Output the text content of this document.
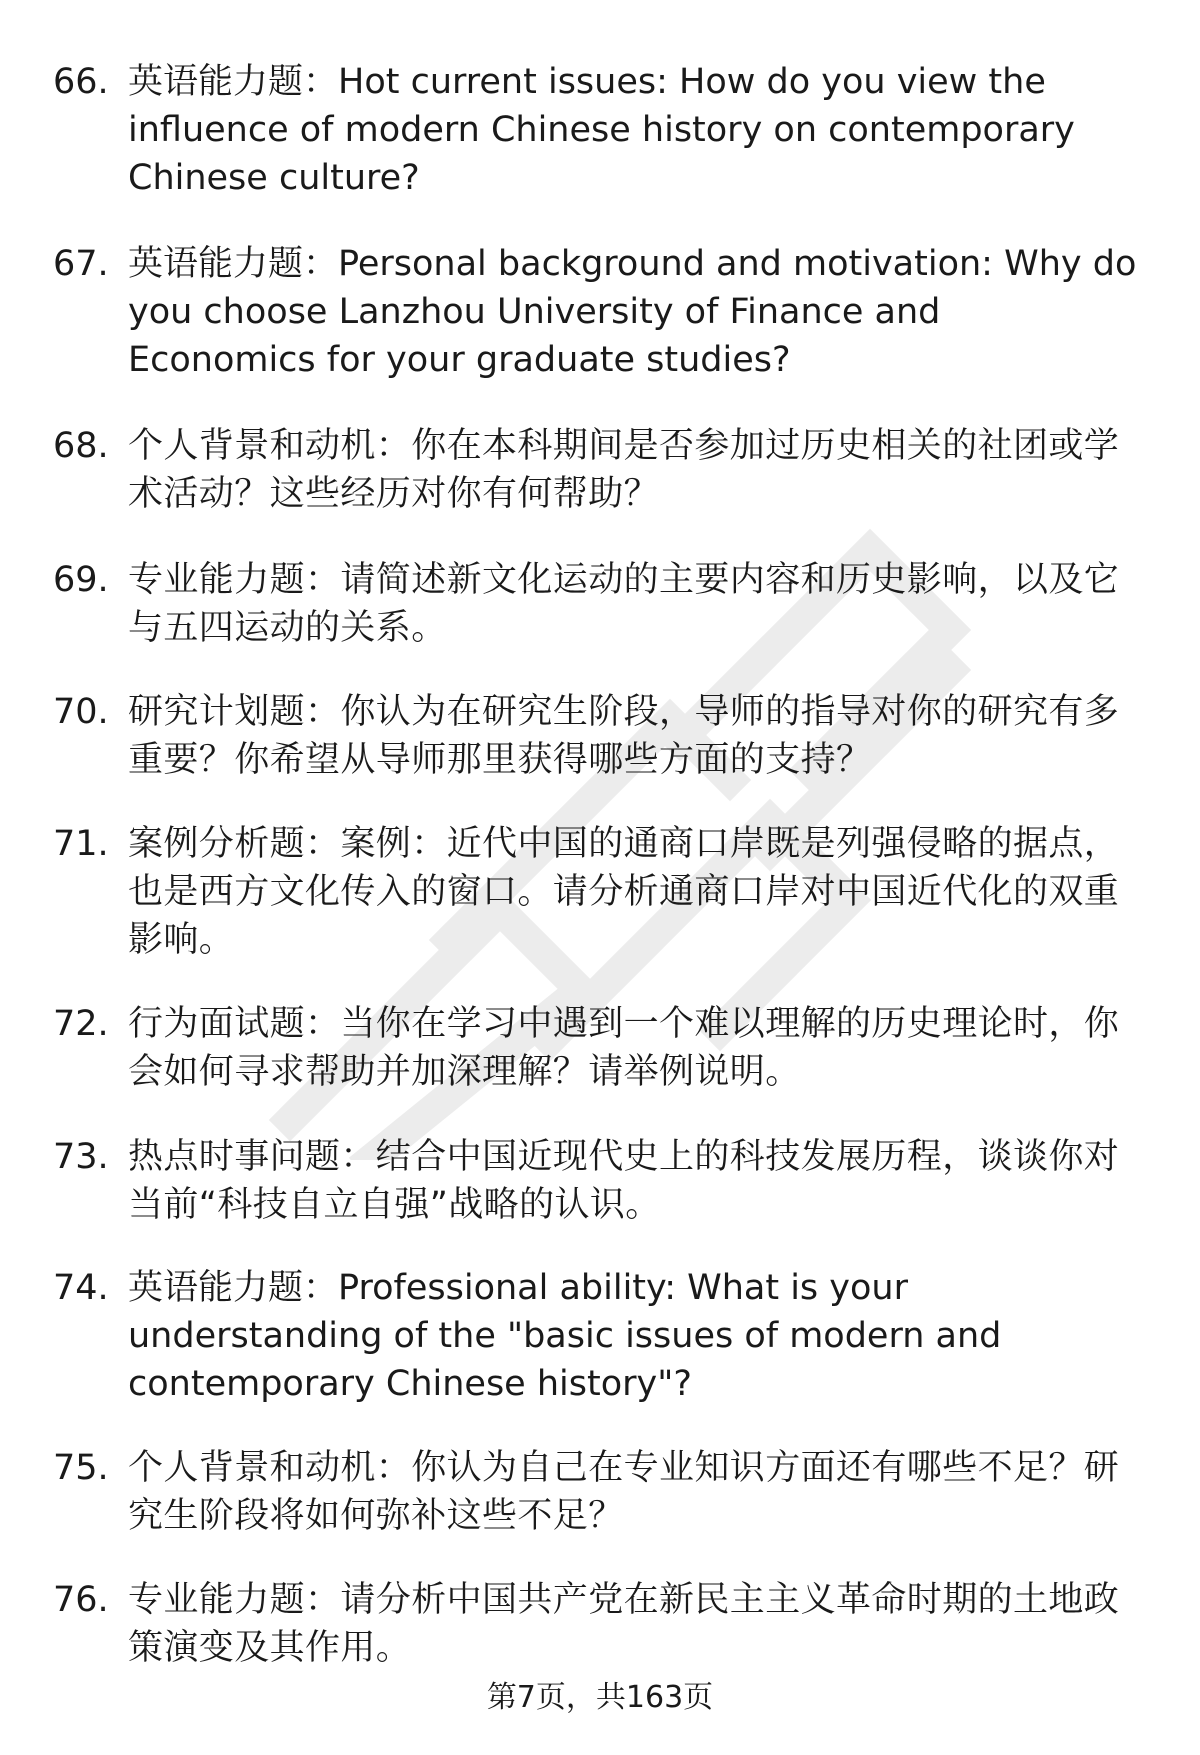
66. 英语能力题：Hot current issues: How do you view the influence of modern Chinese history on contemporary Chinese culture?
67. 英语能力题：Personal background and motivation: Why do you choose Lanzhou University of Finance and Economics for your graduate studies?
68. 个人背景和动机：你在本科期间是否参加过历史相关的社团或学术活动？这些经历对你有何帮助？
69. 专业能力题：请简述新文化运动的主要内容和历史影响，以及它与五四运动的关系。
70. 研究计划题：你认为在研究生阶段，导师的指导对你的研究有多重要？你希望从导师那里获得哪些方面的支持？
71. 案例分析题：案例：近代中国的通商口岸既是列强侵略的据点，也是西方文化传入的窗口。请分析通商口岸对中国近代化的双重影响。
72. 行为面试题：当你在学习中遇到一个难以理解的历史理论时，你会如何寻求帮助并加深理解？请举例说明。
73. 热点时事问题：结合中国近现代史上的科技发展历程，谈谈你对当前“科技自立自强”战略的认识。
74. 英语能力题：Professional ability: What is your understanding of the "basic issues of modern and contemporary Chinese history"?
75. 个人背景和动机：你认为自己在专业知识方面还有哪些不足？研究生阶段将如何弥补这些不足？
76. 专业能力题：请分析中国共产党在新民主主义革命时期的土地政策演变及其作用。
第7页，共163页
